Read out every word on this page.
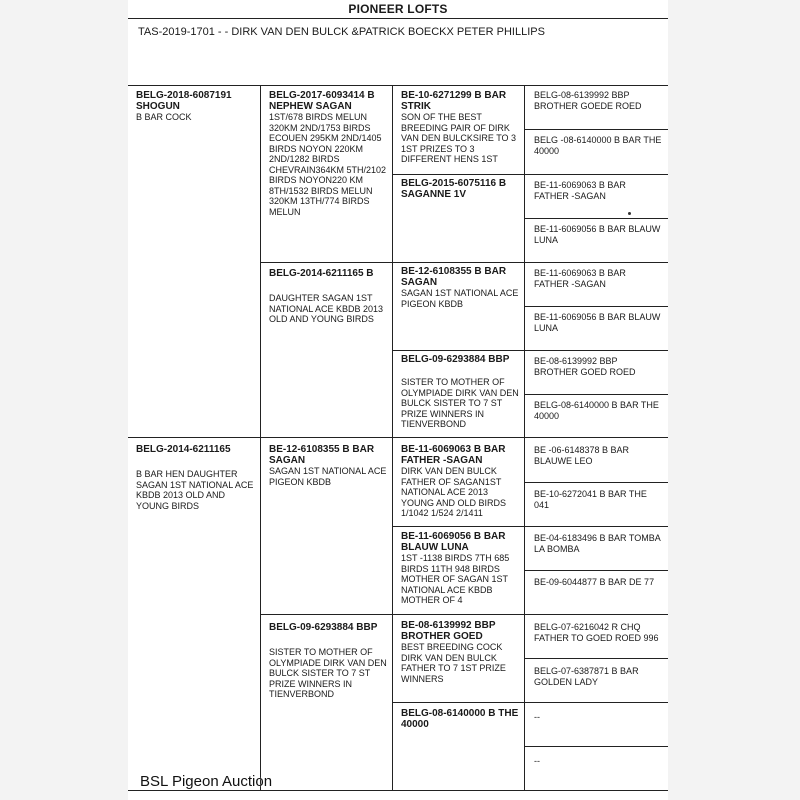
PIONEER LOFTS
TAS-2019-1701 - - DIRK VAN DEN BULCK &PATRICK BOECKX PETER PHILLIPS
BELG-2018-6087191 SHOGUN
B BAR COCK
BELG-2014-6211165
B BAR HEN DAUGHTER SAGAN 1ST NATIONAL ACE KBDB 2013 OLD AND YOUNG BIRDS
BELG-2017-6093414 B NEPHEW SAGAN
1ST/678 BIRDS MELUN 320KM 2ND/1753 BIRDS ECOUEN 295KM 2ND/1405 BIRDS NOYON 220KM 2ND/1282 BIRDS CHEVRAIN364KM 5TH/2102 BIRDS NOYON220 KM 8TH/1532 BIRDS MELUN 320KM 13TH/774 BIRDS MELUN
BELG-2014-6211165 B
DAUGHTER SAGAN 1ST NATIONAL ACE KBDB 2013 OLD AND YOUNG BIRDS
BE-12-6108355 B BAR SAGAN
SAGAN 1ST NATIONAL ACE PIGEON KBDB
BELG-09-6293884 BBP
SISTER TO MOTHER OF OLYMPIADE DIRK VAN DEN BULCK SISTER TO 7 ST PRIZE WINNERS IN TIENVERBOND
BE-10-6271299 B BAR STRIK
SON OF THE BEST BREEDING PAIR OF DIRK VAN DEN BULCKSIRE TO 3 1ST PRIZES TO 3 DIFFERENT HENS 1ST
BELG-2015-6075116 B SAGANNE 1V
BE-12-6108355 B BAR SAGAN
SAGAN 1ST NATIONAL ACE PIGEON KBDB
BELG-09-6293884 BBP
SISTER TO MOTHER OF OLYMPIADE DIRK VAN DEN BULCK SISTER TO 7 ST PRIZE WINNERS IN TIENVERBOND
BE-11-6069063 B BAR FATHER -SAGAN
DIRK VAN DEN BULCK FATHER OF SAGAN1ST NATIONAL ACE 2013 YOUNG AND OLD BIRDS 1/1042 1/524 2/1411
BE-11-6069056 B BAR BLAUW LUNA
1ST -1138 BIRDS 7TH 685 BIRDS 11TH 948 BIRDS MOTHER OF SAGAN 1ST NATIONAL ACE KBDB MOTHER OF 4
BE-08-6139992 BBP BROTHER GOED
BEST BREEDING COCK DIRK VAN DEN BULCK FATHER TO 7 1ST PRIZE WINNERS
BELG-08-6140000 B THE 40000
BELG-08-6139992 BBP BROTHER GOEDE ROED
BELG -08-6140000 B BAR THE 40000
BE-11-6069063 B BAR FATHER -SAGAN
BE-11-6069056 B BAR BLAUW LUNA
BE-11-6069063 B BAR FATHER -SAGAN
BE-11-6069056 B BAR BLAUW LUNA
BE-08-6139992 BBP BROTHER GOED ROED
BELG-08-6140000 B BAR THE 40000
BE -06-6148378 B BAR BLAUWE LEO
BE-10-6272041 B BAR THE 041
BE-04-6183496 B BAR TOMBA LA BOMBA
BE-09-6044877 B BAR DE 77
BELG-07-6216042 R CHQ FATHER TO GOED ROED 996
BELG-07-6387871 B BAR GOLDEN LADY
--
--
BSL Pigeon Auction
